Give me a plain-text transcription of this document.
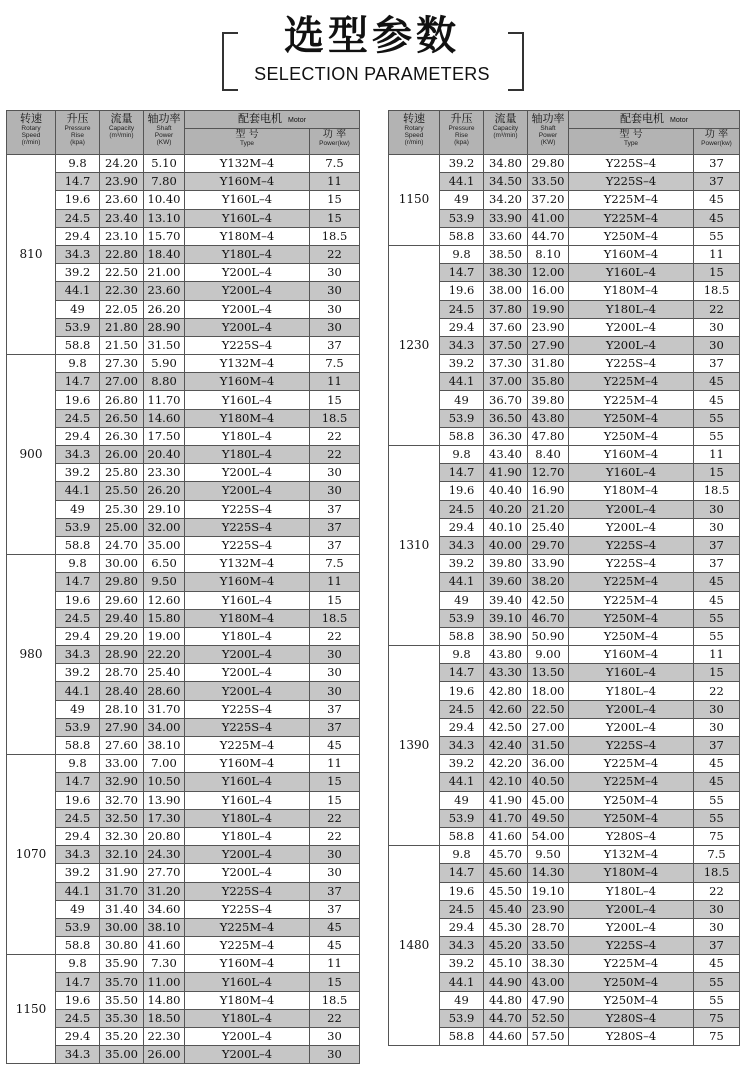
选型参数
SELECTION PARAMETERS
转速
Rotary
Speed
(r/min)	升压
Pressure
Rise
(kpa)	流量
Capacity
(m³/min)	轴功率
Shaft
Power
(KW)	配套电机 Motor	

				型 号
Type	功 率
Power(kw)

810	9.8	24.20	5.10	Y132M–4	7.5
	14.7	23.90	7.80	Y160M–4	11
	19.6	23.60	10.40	Y160L–4	15
	24.5	23.40	13.10	Y160L–4	15
	29.4	23.10	15.70	Y180M–4	18.5
	34.3	22.80	18.40	Y180L–4	22
	39.2	22.50	21.00	Y200L–4	30
	44.1	22.30	23.60	Y200L–4	30
	49	22.05	26.20	Y200L–4	30
	53.9	21.80	28.90	Y200L–4	30
	58.8	21.50	31.50	Y225S–4	37
900	9.8	27.30	5.90	Y132M–4	7.5
	14.7	27.00	8.80	Y160M–4	11
	19.6	26.80	11.70	Y160L–4	15
	24.5	26.50	14.60	Y180M–4	18.5
	29.4	26.30	17.50	Y180L–4	22
	34.3	26.00	20.40	Y180L–4	22
	39.2	25.80	23.30	Y200L–4	30
	44.1	25.50	26.20	Y200L–4	30
	49	25.30	29.10	Y225S–4	37
	53.9	25.00	32.00	Y225S–4	37
	58.8	24.70	35.00	Y225S–4	37
980	9.8	30.00	6.50	Y132M–4	7.5
	14.7	29.80	9.50	Y160M–4	11
	19.6	29.60	12.60	Y160L–4	15
	24.5	29.40	15.80	Y180M–4	18.5
	29.4	29.20	19.00	Y180L–4	22
	34.3	28.90	22.20	Y200L–4	30
	39.2	28.70	25.40	Y200L–4	30
	44.1	28.40	28.60	Y200L–4	30
	49	28.10	31.70	Y225S–4	37
	53.9	27.90	34.00	Y225S–4	37
	58.8	27.60	38.10	Y225M–4	45
1070	9.8	33.00	7.00	Y160M–4	11
	14.7	32.90	10.50	Y160L–4	15
	19.6	32.70	13.90	Y160L–4	15
	24.5	32.50	17.30	Y180L–4	22
	29.4	32.30	20.80	Y180L–4	22
	34.3	32.10	24.30	Y200L–4	30
	39.2	31.90	27.70	Y200L–4	30
	44.1	31.70	31.20	Y225S–4	37
	49	31.40	34.60	Y225S–4	37
	53.9	30.00	38.10	Y225M–4	45
	58.8	30.80	41.60	Y225M–4	45
1150	9.8	35.90	7.30	Y160M–4	11
	14.7	35.70	11.00	Y160L–4	15
	19.6	35.50	14.80	Y180M–4	18.5
	24.5	35.30	18.50	Y180L–4	22
	29.4	35.20	22.30	Y200L–4	30
	34.3	35.00	26.00	Y200L–4	30
转速
Rotary
Speed
(r/min)	升压
Pressure
Rise
(kpa)	流量
Capacity
(m³/min)	轴功率
Shaft
Power
(KW)	配套电机 Motor	

				型 号
Type	功 率
Power(kw)

1150	39.2	34.80	29.80	Y225S–4	37
	44.1	34.50	33.50	Y225S–4	37
	49	34.20	37.20	Y225M–4	45
	53.9	33.90	41.00	Y225M–4	45
	58.8	33.60	44.70	Y250M–4	55
1230	9.8	38.50	8.10	Y160M–4	11
	14.7	38.30	12.00	Y160L–4	15
	19.6	38.00	16.00	Y180M–4	18.5
	24.5	37.80	19.90	Y180L–4	22
	29.4	37.60	23.90	Y200L–4	30
	34.3	37.50	27.90	Y200L–4	30
	39.2	37.30	31.80	Y225S–4	37
	44.1	37.00	35.80	Y225M–4	45
	49	36.70	39.80	Y225M–4	45
	53.9	36.50	43.80	Y250M–4	55
	58.8	36.30	47.80	Y250M–4	55
1310	9.8	43.40	8.40	Y160M–4	11
	14.7	41.90	12.70	Y160L–4	15
	19.6	40.40	16.90	Y180M–4	18.5
	24.5	40.20	21.20	Y200L–4	30
	29.4	40.10	25.40	Y200L–4	30
	34.3	40.00	29.70	Y225S–4	37
	39.2	39.80	33.90	Y225S–4	37
	44.1	39.60	38.20	Y225M–4	45
	49	39.40	42.50	Y225M–4	45
	53.9	39.10	46.70	Y250M–4	55
	58.8	38.90	50.90	Y250M–4	55
1390	9.8	43.80	9.00	Y160M–4	11
	14.7	43.30	13.50	Y160L–4	15
	19.6	42.80	18.00	Y180L–4	22
	24.5	42.60	22.50	Y200L–4	30
	29.4	42.50	27.00	Y200L–4	30
	34.3	42.40	31.50	Y225S–4	37
	39.2	42.20	36.00	Y225M–4	45
	44.1	42.10	40.50	Y225M–4	45
	49	41.90	45.00	Y250M–4	55
	53.9	41.70	49.50	Y250M–4	55
	58.8	41.60	54.00	Y280S–4	75
1480	9.8	45.70	9.50	Y132M–4	7.5
	14.7	45.60	14.30	Y180M–4	18.5
	19.6	45.50	19.10	Y180L–4	22
	24.5	45.40	23.90	Y200L–4	30
	29.4	45.30	28.70	Y200L–4	30
	34.3	45.20	33.50	Y225S–4	37
	39.2	45.10	38.30	Y225M–4	45
	44.1	44.90	43.00	Y250M–4	55
	49	44.80	47.90	Y250M–4	55
	53.9	44.70	52.50	Y280S–4	75
	58.8	44.60	57.50	Y280S–4	75
